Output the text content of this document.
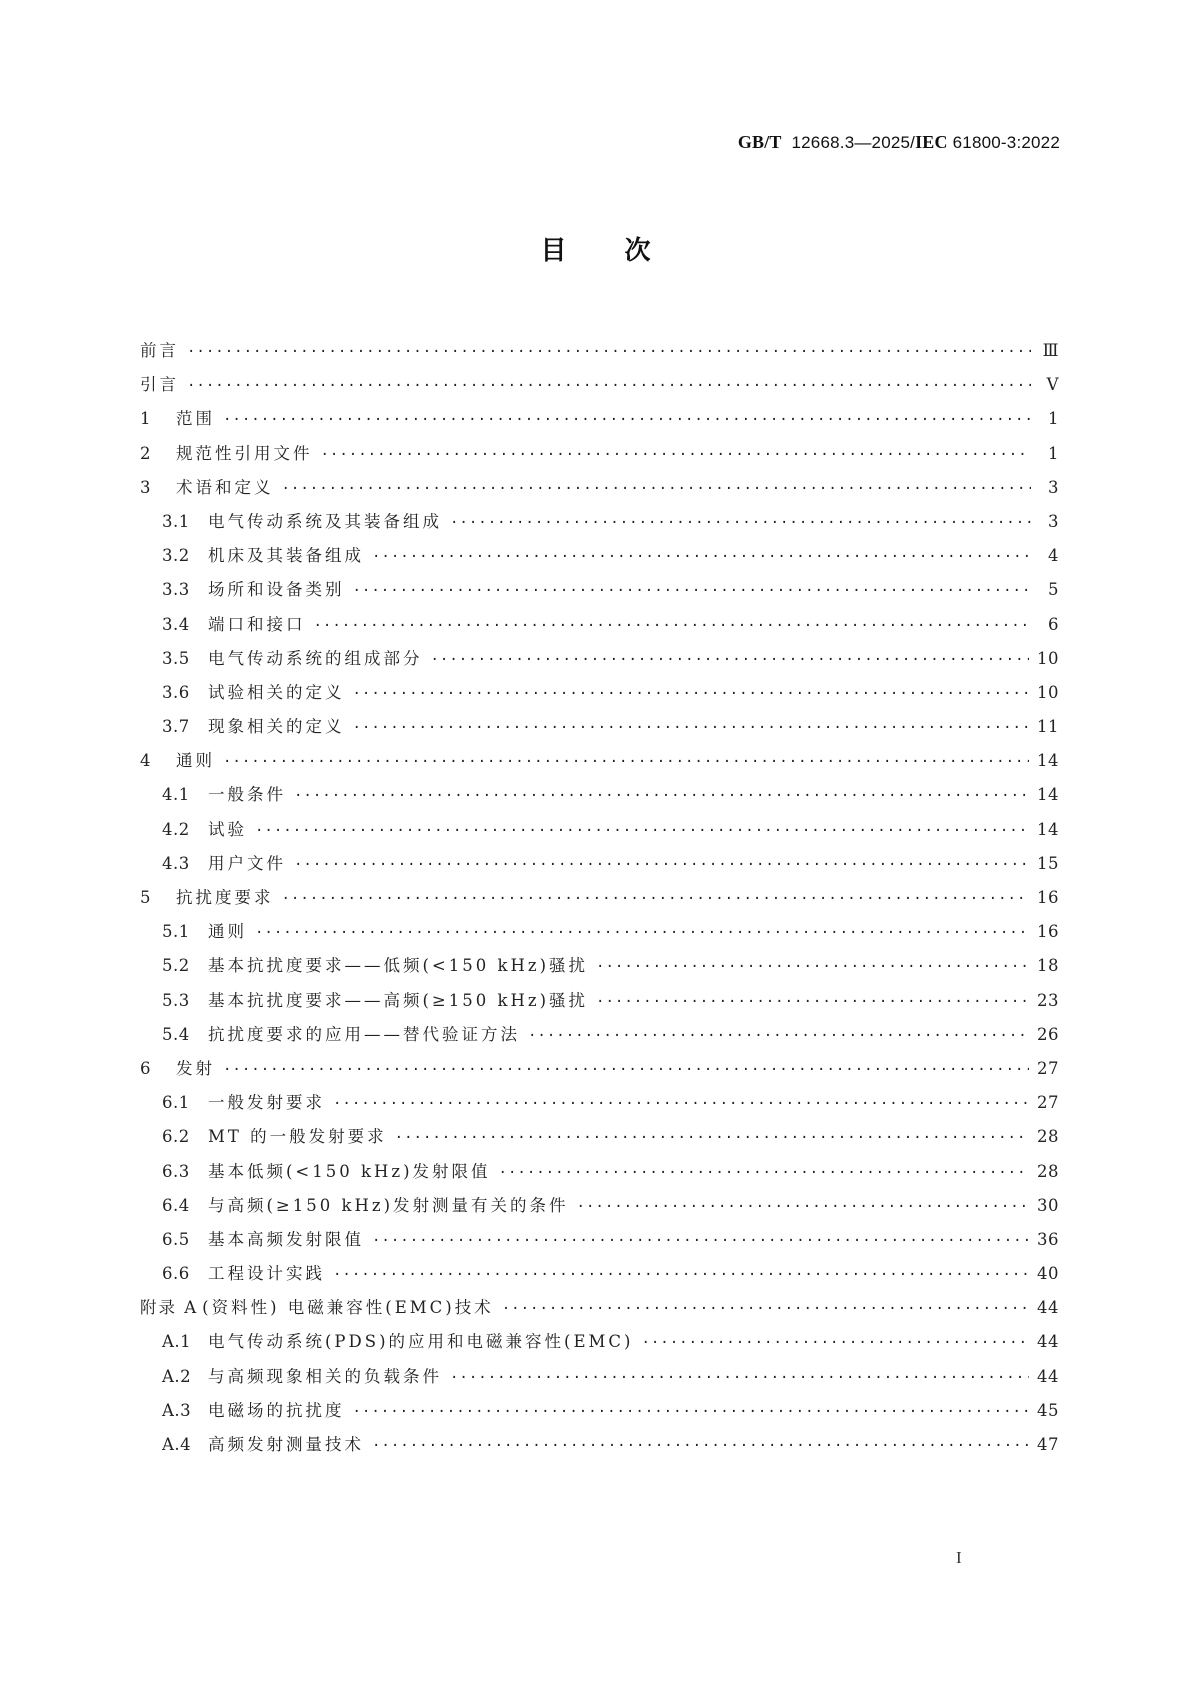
GB/T 12668.3—2025/IEC 61800-3:2022
目 次
前言 ·····	Ⅲ
引言 ·····	Ⅴ
1	范围 ·····	1
2	规范性引用文件 ·····	1
3	术语和定义 ·····	3
3.1 电气传动系统及其装备组成 ·····	3
3.2 机床及其装备组成 ·····	4
3.3 场所和设备类别 ·····	5
3.4 端口和接口 ·····	6
3.5 电气传动系统的组成部分 ·····	10
3.6 试验相关的定义 ·····	10
3.7 现象相关的定义 ·····	11
4	通则 ·····	14
4.1 一般条件 ·····	14
4.2 试验 ·····	14
4.3 用户文件 ·····	15
5	抗扰度要求 ·····	16
5.1 通则 ·····	16
5.2 基本抗扰度要求——低频(<150 kHz)骚扰 ·····	18
5.3 基本抗扰度要求——高频(≥150 kHz)骚扰 ·····	23
5.4 抗扰度要求的应用——替代验证方法 ·····	26
6	发射 ·····	27
6.1 一般发射要求 ·····	27
6.2 MT 的一般发射要求 ·····	28
6.3 基本低频(<150 kHz)发射限值 ·····	28
6.4 与高频(≥150 kHz)发射测量有关的条件 ·····	30
6.5 基本高频发射限值 ·····	36
6.6 工程设计实践 ·····	40
附录 A (资料性) 电磁兼容性(EMC)技术 ·····	44
A.1 电气传动系统(PDS)的应用和电磁兼容性(EMC) ·····	44
A.2 与高频现象相关的负载条件 ·····	44
A.3 电磁场的抗扰度 ·····	45
A.4 高频发射测量技术 ·····	47
I
